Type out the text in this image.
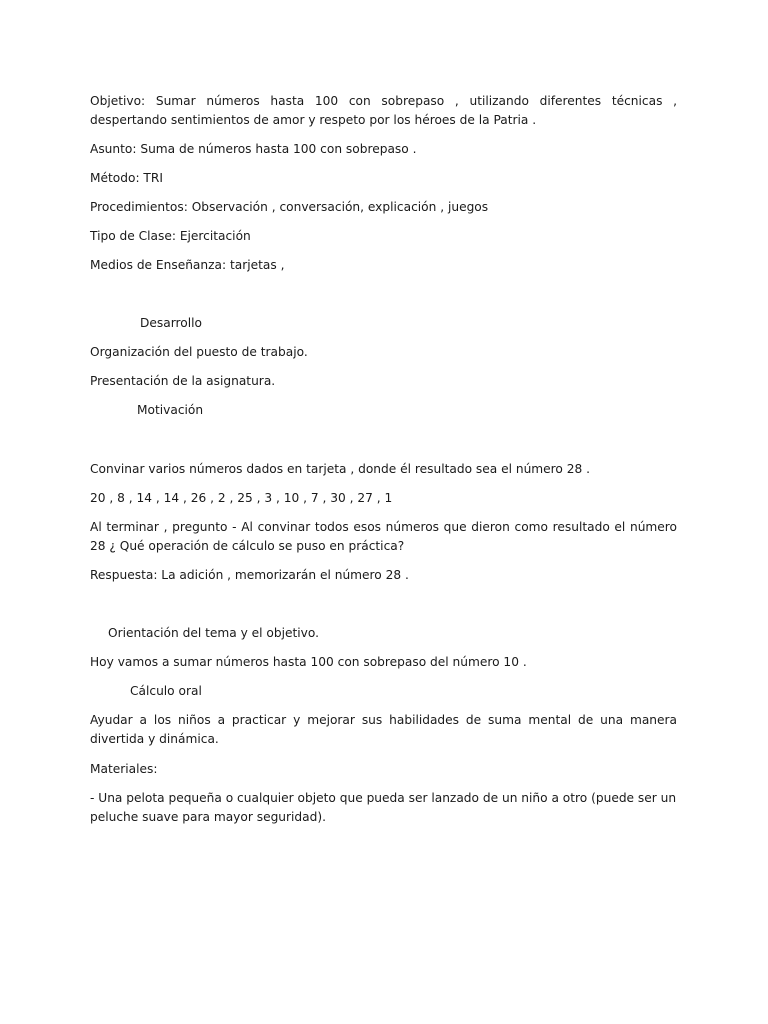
Objetivo: Sumar números hasta 100 con sobrepaso , utilizando diferentes técnicas , despertando sentimientos de amor y respeto por los héroes de la Patria .
Asunto: Suma de números hasta 100 con sobrepaso .
Método: TRI
Procedimientos: Observación , conversación, explicación , juegos
Tipo de Clase: Ejercitación
Medios de Enseñanza: tarjetas ,
Desarrollo
Organización del puesto de trabajo.
Presentación de la asignatura.
Motivación
Convinar varios números dados en tarjeta , donde él resultado sea el número 28 .
20 , 8 , 14 , 14 , 26 , 2 , 25 , 3 , 10 , 7 , 30 , 27 , 1
Al terminar , pregunto - Al convinar todos esos números que dieron como resultado el número 28 ¿ Qué operación de cálculo se puso en práctica?
Respuesta: La adición , memorizarán el número 28 .
Orientación del tema y el objetivo.
Hoy vamos a sumar números hasta 100 con sobrepaso del número 10 .
Cálculo oral
Ayudar a los niños a practicar y mejorar sus habilidades de suma mental de una manera divertida y dinámica.
Materiales:
- Una pelota pequeña o cualquier objeto que pueda ser lanzado de un niño a otro (puede ser un peluche suave para mayor seguridad).
